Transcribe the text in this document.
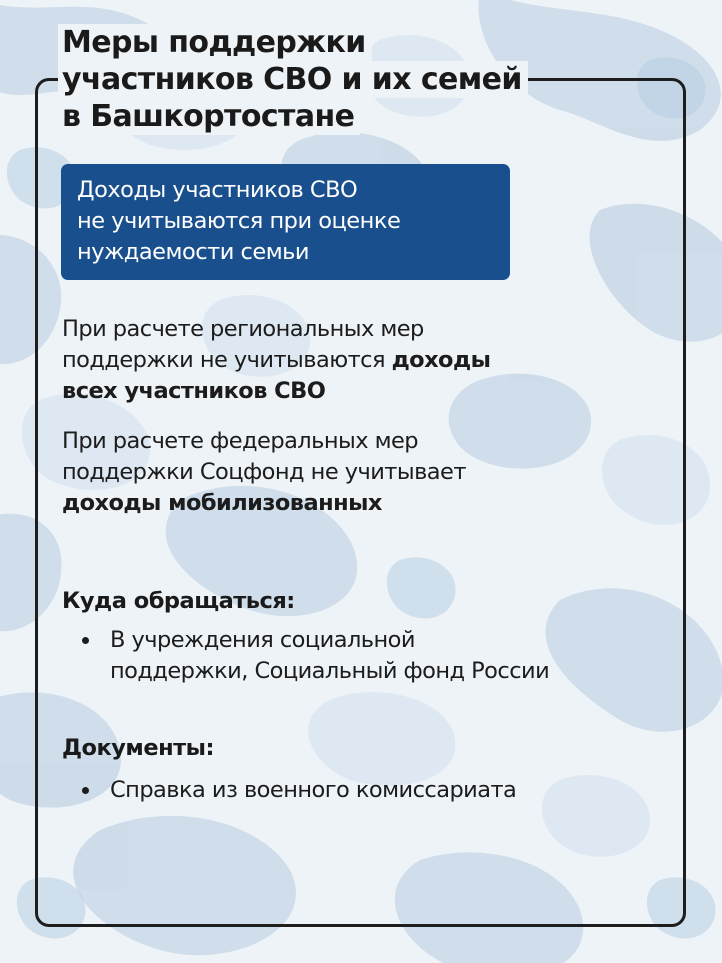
Меры поддержки
участников СВО и их семей
в Башкортостане
Доходы участников СВО
не учитываются при оценке
нуждаемости семьи

При расчете региональных мер
поддержки не учитываются доходы
всех участников СВО

При расчете федеральных мер
поддержки Соцфонд не учитывает
доходы мобилизованных

Куда обращаться:
В учреждения социальной
поддержки, Социальный фонд России
Документы:
Справка из военного комиссариата
